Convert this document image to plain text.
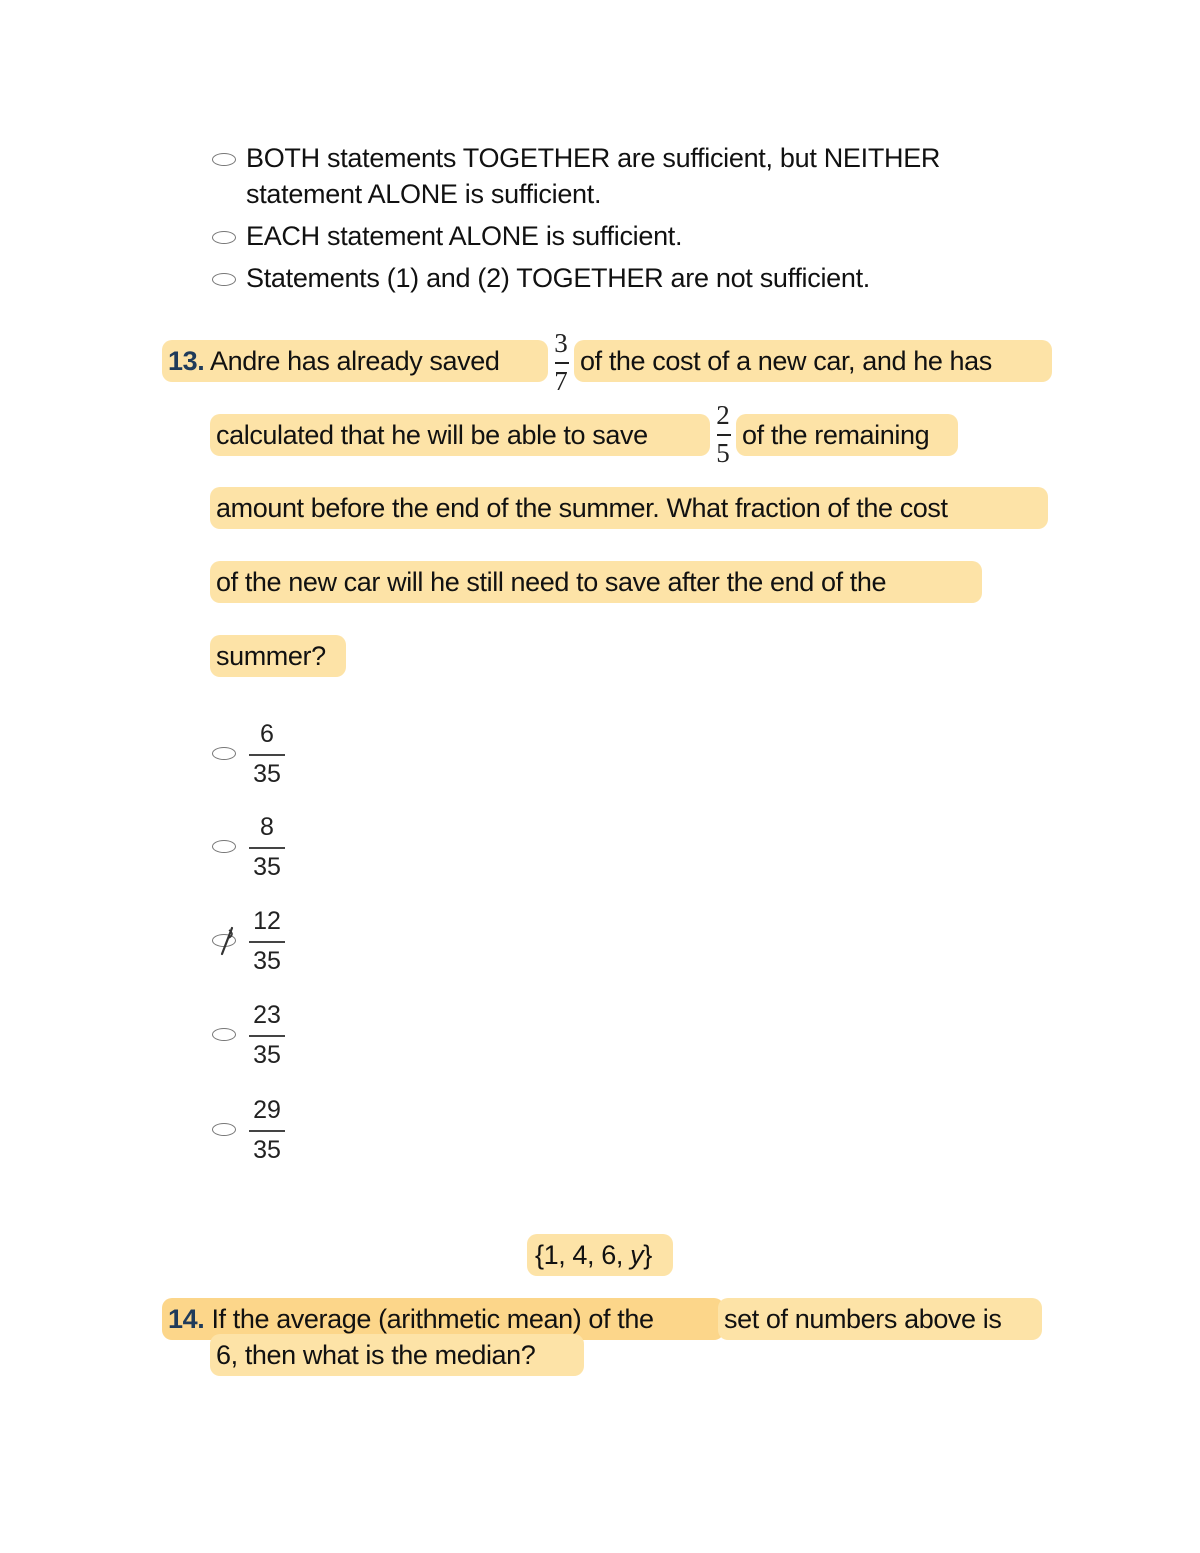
BOTH statements TOGETHER are sufficient, but NEITHER
statement ALONE is sufficient.
EACH statement ALONE is sufficient.
Statements (1) and (2) TOGETHER are not sufficient.
13. Andre has already saved
3
7
of the cost of a new car, and he has
calculated that he will be able to save
2
5
of the remaining
amount before the end of the summer. What fraction of the cost
of the new car will he still need to save after the end of the
summer?
6
35
8
35
12
35
23
35
29
35
{1, 4, 6, y}
14. If the average (arithmetic mean) of the	set of numbers above is
6, then what is the median?
